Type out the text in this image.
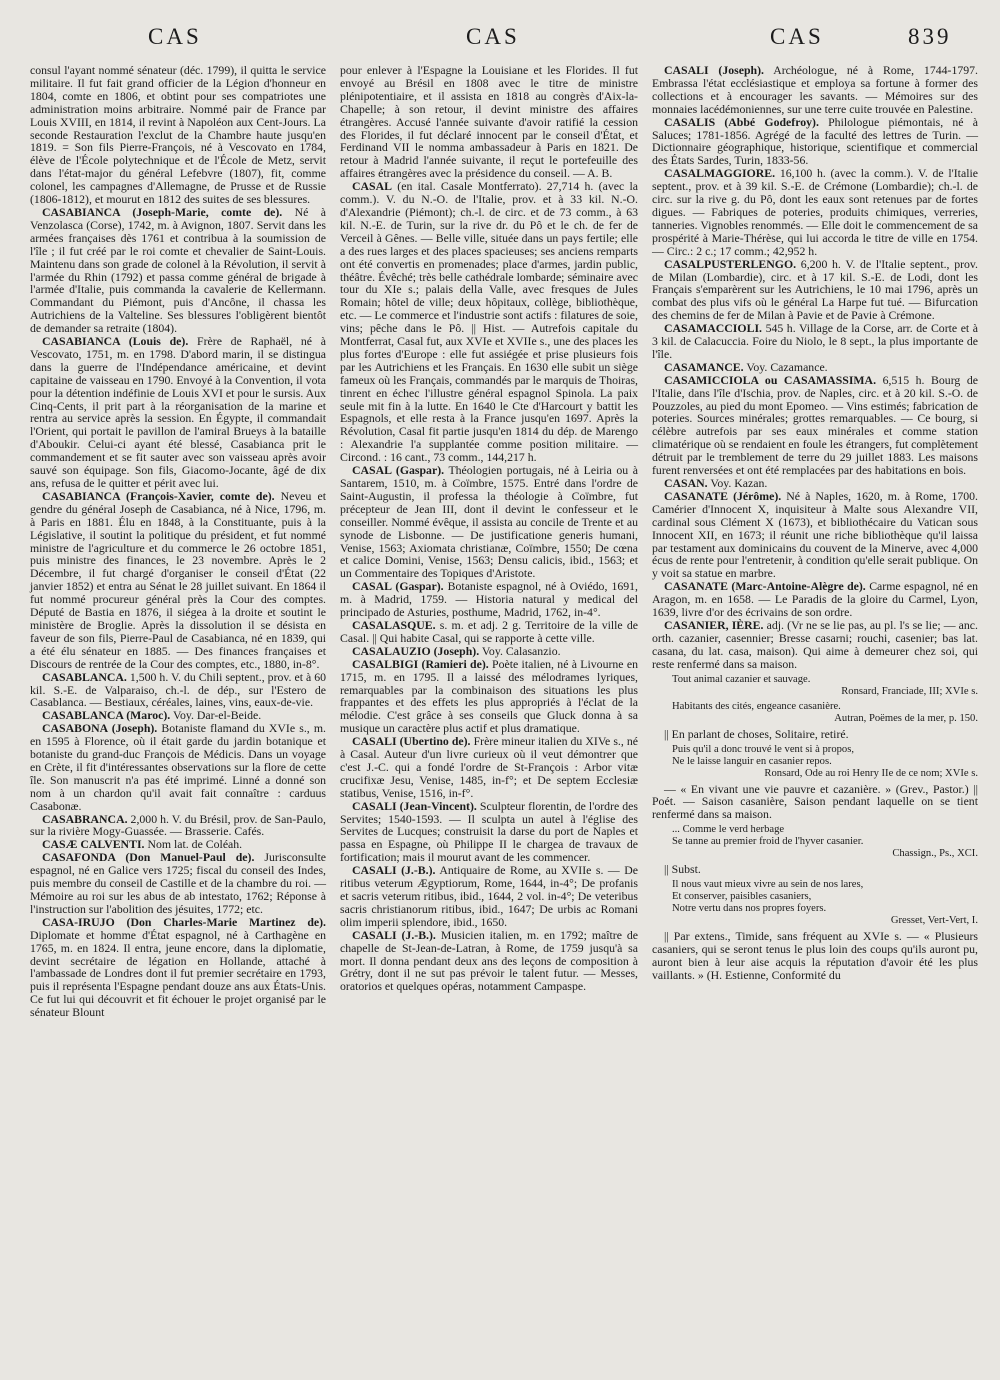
CAS	CAS	CAS	839

consul l'ayant nommé sénateur (déc. 1799), il quitta le service militaire. Il fut fait grand officier de la Légion d'honneur en 1804, comte en 1806, et obtint pour ses compatriotes une administration moins arbitraire. Nommé pair de France par Louis XVIII, en 1814, il revint à Napoléon aux Cent-Jours. La seconde Restauration l'exclut de la Chambre haute jusqu'en 1819. = Son fils Pierre-François, né à Vescovato en 1784, élève de l'École polytechnique et de l'École de Metz, servit dans l'état-major du général Lefebvre (1807), fit, comme colonel, les campagnes d'Allemagne, de Prusse et de Russie (1806-1812), et mourut en 1812 des suites de ses blessures.

CASABIANCA (Joseph-Marie, comte de). Né à Venzolasca (Corse), 1742, m. à Avignon, 1807. Servit dans les armées françaises dès 1761 et contribua à la soumission de l'île ; il fut créé par le roi comte et chevalier de Saint-Louis. Maintenu dans son grade de colonel à la Révolution, il servit à l'armée du Rhin (1792) et passa comme général de brigade à l'armée d'Italie, puis commanda la cavalerie de Kellermann. Commandant du Piémont, puis d'Ancône, il chassa les Autrichiens de la Valteline. Ses blessures l'obligèrent bientôt de demander sa retraite (1804).

CASABIANCA (Louis de). Frère de Raphaël, né à Vescovato, 1751, m. en 1798. D'abord marin, il se distingua dans la guerre de l'Indépendance américaine, et devint capitaine de vaisseau en 1790. Envoyé à la Convention, il vota pour la détention indéfinie de Louis XVI et pour le sursis. Aux Cinq-Cents, il prit part à la réorganisation de la marine et rentra au service après la session. En Égypte, il commandait l'Orient, qui portait le pavillon de l'amiral Brueys à la bataille d'Aboukir. Celui-ci ayant été blessé, Casabianca prit le commandement et se fit sauter avec son vaisseau après avoir sauvé son équipage. Son fils, Giacomo-Jocante, âgé de dix ans, refusa de le quitter et périt avec lui.

CASABIANCA (François-Xavier, comte de). Neveu et gendre du général Joseph de Casabianca, né à Nice, 1796, m. à Paris en 1881. Élu en 1848, à la Constituante, puis à la Législative, il soutint la politique du président, et fut nommé ministre de l'agriculture et du commerce le 26 octobre 1851, puis ministre des finances, le 23 novembre. Après le 2 Décembre, il fut chargé d'organiser le conseil d'État (22 janvier 1852) et entra au Sénat le 28 juillet suivant. En 1864 il fut nommé procureur général près la Cour des comptes. Député de Bastia en 1876, il siégea à la droite et soutint le ministère de Broglie. Après la dissolution il se désista en faveur de son fils, Pierre-Paul de Casabianca, né en 1839, qui a été élu sénateur en 1885. — Des finances françaises et Discours de rentrée de la Cour des comptes, etc., 1880, in-8°.

CASABLANCA. 1,500 h. V. du Chili septent., prov. et à 60 kil. S.-E. de Valparaiso, ch.-l. de dép., sur l'Estero de Casablanca. — Bestiaux, céréales, laines, vins, eaux-de-vie.

CASABLANCA (Maroc). Voy. Dar-el-Beide.

CASABONA (Joseph). Botaniste flamand du XVIe s., m. en 1595 à Florence, où il était garde du jardin botanique et botaniste du grand-duc François de Médicis. Dans un voyage en Crète, il fit d'intéressantes observations sur la flore de cette île. Son manuscrit n'a pas été imprimé. Linné a donné son nom à un chardon qu'il avait fait connaître : carduus Casabonæ.

CASABRANCA. 2,000 h. V. du Brésil, prov. de San-Paulo, sur la rivière Mogy-Guassée. — Brasserie. Cafés.

CASÆ CALVENTI. Nom lat. de Coléah.

CASAFONDA (Don Manuel-Paul de). Jurisconsulte espagnol, né en Galice vers 1725; fiscal du conseil des Indes, puis membre du conseil de Castille et de la chambre du roi. — Mémoire au roi sur les abus de ab intestato, 1762; Réponse à l'instruction sur l'abolition des jésuites, 1772; etc.

CASA-IRUJO (Don Charles-Marie Martinez de). Diplomate et homme d'État espagnol, né à Carthagène en 1765, m. en 1824. Il entra, jeune encore, dans la diplomatie, devint secrétaire de légation en Hollande, attaché à l'ambassade de Londres dont il fut premier secrétaire en 1793, puis il représenta l'Espagne pendant douze ans aux États-Unis. Ce fut lui qui découvrit et fit échouer le projet organisé par le sénateur Blount

pour enlever à l'Espagne la Louisiane et les Florides. Il fut envoyé au Brésil en 1808 avec le titre de ministre plénipotentiaire, et il assista en 1818 au congrès d'Aix-la-Chapelle; à son retour, il devint ministre des affaires étrangères. Accusé l'année suivante d'avoir ratifié la cession des Florides, il fut déclaré innocent par le conseil d'État, et Ferdinand VII le nomma ambassadeur à Paris en 1821. De retour à Madrid l'année suivante, il reçut le portefeuille des affaires étrangères avec la présidence du conseil. — A. B.

CASAL (en ital. Casale Montferrato). 27,714 h. (avec la comm.). V. du N.-O. de l'Italie, prov. et à 33 kil. N.-O. d'Alexandrie (Piémont); ch.-l. de circ. et de 73 comm., à 63 kil. N.-E. de Turin, sur la rive dr. du Pô et le ch. de fer de Verceil à Gênes. — Belle ville, située dans un pays fertile; elle a des rues larges et des places spacieuses; ses anciens remparts ont été convertis en promenades; place d'armes, jardin public, théâtre. Évêché; très belle cathédrale lombarde; séminaire avec tour du XIe s.; palais della Valle, avec fresques de Jules Romain; hôtel de ville; deux hôpitaux, collège, bibliothèque, etc. — Le commerce et l'industrie sont actifs : filatures de soie, vins; pêche dans le Pô. || Hist. — Autrefois capitale du Montferrat, Casal fut, aux XVIe et XVIIe s., une des places les plus fortes d'Europe : elle fut assiégée et prise plusieurs fois par les Autrichiens et les Français. En 1630 elle subit un siège fameux où les Français, commandés par le marquis de Thoiras, tinrent en échec l'illustre général espagnol Spinola. La paix seule mit fin à la lutte. En 1640 le Cte d'Harcourt y battit les Espagnols, et elle resta à la France jusqu'en 1697. Après la Révolution, Casal fit partie jusqu'en 1814 du dép. de Marengo : Alexandrie l'a supplantée comme position militaire. — Circond. : 16 cant., 73 comm., 144,217 h.

CASAL (Gaspar). Théologien portugais, né à Leiria ou à Santarem, 1510, m. à Coïmbre, 1575. Entré dans l'ordre de Saint-Augustin, il professa la théologie à Coïmbre, fut précepteur de Jean III, dont il devint le confesseur et le conseiller. Nommé évêque, il assista au concile de Trente et au synode de Lisbonne. — De justificatione generis humani, Venise, 1563; Axiomata christianæ, Coïmbre, 1550; De cœna et calice Domini, Venise, 1563; Densu calicis, ibid., 1563; et un Commentaire des Topiques d'Aristote.

CASAL (Gaspar). Botaniste espagnol, né à Oviédo, 1691, m. à Madrid, 1759. — Historia natural y medical del principado de Asturies, posthume, Madrid, 1762, in-4°.

CASALASQUE. s. m. et adj. 2 g. Territoire de la ville de Casal. || Qui habite Casal, qui se rapporte à cette ville.

CASALAUZIO (Joseph). Voy. Calasanzio.

CASALBIGI (Ramieri de). Poète italien, né à Livourne en 1715, m. en 1795. Il a laissé des mélodrames lyriques, remarquables par la combinaison des situations les plus frappantes et des effets les plus appropriés à l'éclat de la mélodie. C'est grâce à ses conseils que Gluck donna à sa musique un caractère plus actif et plus dramatique.

CASALI (Ubertino de). Frère mineur italien du XIVe s., né à Casal. Auteur d'un livre curieux où il veut démontrer que c'est J.-C. qui a fondé l'ordre de St-François : Arbor vitæ crucifixæ Jesu, Venise, 1485, in-f°; et De septem Ecclesiæ statibus, Venise, 1516, in-f°.

CASALI (Jean-Vincent). Sculpteur florentin, de l'ordre des Servites; 1540-1593. — Il sculpta un autel à l'église des Servites de Lucques; construisit la darse du port de Naples et passa en Espagne, où Philippe II le chargea de travaux de fortification; mais il mourut avant de les commencer.

CASALI (J.-B.). Antiquaire de Rome, au XVIIe s. — De ritibus veterum Ægyptiorum, Rome, 1644, in-4°; De profanis et sacris veterum ritibus, ibid., 1644, 2 vol. in-4°; De veteribus sacris christianorum ritibus, ibid., 1647; De urbis ac Romani olim imperii splendore, ibid., 1650.

CASALI (J.-B.). Musicien italien, m. en 1792; maître de chapelle de St-Jean-de-Latran, à Rome, de 1759 jusqu'à sa mort. Il donna pendant deux ans des leçons de composition à Grétry, dont il ne sut pas prévoir le talent futur. — Messes, oratorios et quelques opéras, notamment Campaspe.

CASALI (Joseph). Archéologue, né à Rome, 1744-1797. Embrassa l'état ecclésiastique et employa sa fortune à former des collections et à encourager les savants. — Mémoires sur des monnaies lacédémoniennes, sur une terre cuite trouvée en Palestine.

CASALIS (Abbé Godefroy). Philologue piémontais, né à Saluces; 1781-1856. Agrégé de la faculté des lettres de Turin. — Dictionnaire géographique, historique, scientifique et commercial des États Sardes, Turin, 1833-56.

CASALMAGGIORE. 16,100 h. (avec la comm.). V. de l'Italie septent., prov. et à 39 kil. S.-E. de Crémone (Lombardie); ch.-l. de circ. sur la rive g. du Pô, dont les eaux sont retenues par de fortes digues. — Fabriques de poteries, produits chimiques, verreries, tanneries. Vignobles renommés. — Elle doit le commencement de sa prospérité à Marie-Thérèse, qui lui accorda le titre de ville en 1754. — Circ.: 2 c.; 17 comm.; 42,952 h.

CASALPUSTERLENGO. 6,200 h. V. de l'Italie septent., prov. de Milan (Lombardie), circ. et à 17 kil. S.-E. de Lodi, dont les Français s'emparèrent sur les Autrichiens, le 10 mai 1796, après un combat des plus vifs où le général La Harpe fut tué. — Bifurcation des chemins de fer de Milan à Pavie et de Pavie à Crémone.

CASAMACCIOLI. 545 h. Village de la Corse, arr. de Corte et à 3 kil. de Calacuccia. Foire du Niolo, le 8 sept., la plus importante de l'île.

CASAMANCE. Voy. Cazamance.

CASAMICCIOLA ou CASAMASSIMA. 6,515 h. Bourg de l'Italie, dans l'île d'Ischia, prov. de Naples, circ. et à 20 kil. S.-O. de Pouzzoles, au pied du mont Epomeo. — Vins estimés; fabrication de poteries. Sources minérales; grottes remarquables. — Ce bourg, si célèbre autrefois par ses eaux minérales et comme station climatérique où se rendaient en foule les étrangers, fut complètement détruit par le tremblement de terre du 29 juillet 1883. Les maisons furent renversées et ont été remplacées par des habitations en bois.

CASAN. Voy. Kazan.

CASANATE (Jérôme). Né à Naples, 1620, m. à Rome, 1700. Camérier d'Innocent X, inquisiteur à Malte sous Alexandre VII, cardinal sous Clément X (1673), et bibliothécaire du Vatican sous Innocent XII, en 1673; il réunit une riche bibliothèque qu'il laissa par testament aux dominicains du couvent de la Minerve, avec 4,000 écus de rente pour l'entretenir, à condition qu'elle serait publique. On y voit sa statue en marbre.

CASANATE (Marc-Antoine-Alègre de). Carme espagnol, né en Aragon, m. en 1658. — Le Paradis de la gloire du Carmel, Lyon, 1639, livre d'or des écrivains de son ordre.

CASANIER, IÈRE. adj. (Vr ne se lie pas, au pl. l's se lie; — anc. orth. cazanier, casennier; Bresse casarni; rouchi, casenier; bas lat. casana, du lat. casa, maison). Qui aime à demeurer chez soi, qui reste renfermé dans sa maison.

Tout animal cazanier et sauvage.
Ronsard, Franciade, III; XVIe s.
Habitants des cités, engeance casanière.
Autran, Poëmes de la mer, p. 150.

|| En parlant de choses, Solitaire, retiré.

Puis qu'il a donc trouvé le vent si à propos,
Ne le laisse languir en casanier repos.
Ronsard, Ode au roi Henry IIe de ce nom; XVIe s.

— « En vivant une vie pauvre et cazanière. » (Grev., Pastor.) || Poét. — Saison casanière, Saison pendant laquelle on se tient renfermé dans sa maison.

... Comme le verd herbage
Se tanne au premier froid de l'hyver casanier.
Chassign., Ps., XCI.

|| Subst.

Il nous vaut mieux vivre au sein de nos lares,
Et conserver, paisibles casaniers,
Notre vertu dans nos propres foyers.
Gresset, Vert-Vert, I.

|| Par extens., Timide, sans fréquent au XVIe s. — « Plusieurs casaniers, qui se seront tenus le plus loin des coups qu'ils auront pu, auront bien à leur aise acquis la réputation d'avoir été les plus vaillants. » (H. Estienne, Conformité du
